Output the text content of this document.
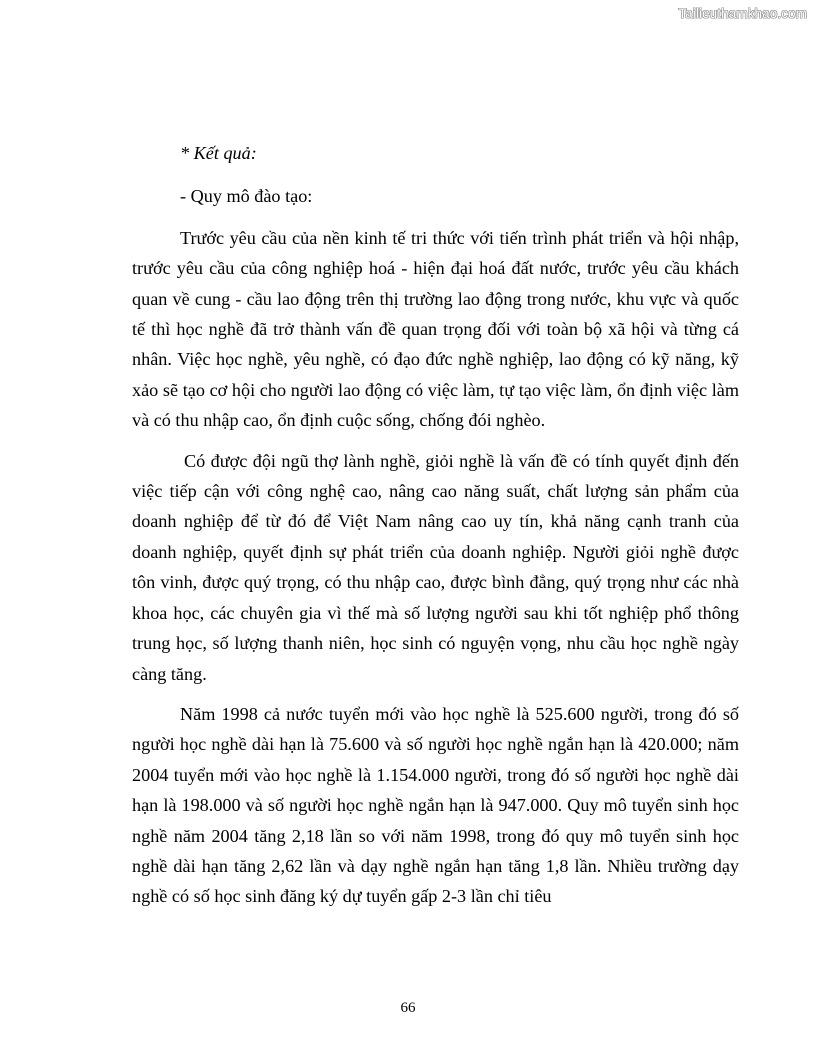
Tailieuthamkhao.com

* Kết quả:

- Quy mô đào tạo:

Trước yêu cầu của nền kinh tế tri thức với tiến trình phát triển và hội nhập, trước yêu cầu của công nghiệp hoá - hiện đại hoá đất nước, trước yêu cầu khách quan về cung - cầu lao động trên thị trường lao động trong nước, khu vực và quốc tế thì học nghề đã trở thành vấn đề quan trọng đối với toàn bộ xã hội và từng cá nhân. Việc học nghề, yêu nghề, có đạo đức nghề nghiệp, lao động có kỹ năng, kỹ xảo sẽ tạo cơ hội cho người lao động có việc làm, tự tạo việc làm, ổn định việc làm và có thu nhập cao, ổn định cuộc sống, chống đói nghèo.

Có được đội ngũ thợ lành nghề, giỏi nghề là vấn đề có tính quyết định đến việc tiếp cận với công nghệ cao, nâng cao năng suất, chất lượng sản phẩm của doanh nghiệp để từ đó để Việt Nam nâng cao uy tín, khả năng cạnh tranh của doanh nghiệp, quyết định sự phát triển của doanh nghiệp. Người giỏi nghề được tôn vinh, được quý trọng, có thu nhập cao, được bình đẳng, quý trọng như các nhà khoa học, các chuyên gia vì thế mà số lượng người sau khi tốt nghiệp phổ thông trung học, số lượng thanh niên, học sinh có nguyện vọng, nhu cầu học nghề ngày càng tăng.

Năm 1998 cả nước tuyển mới vào học nghề là 525.600 người, trong đó số người học nghề dài hạn là 75.600 và số người học nghề ngắn hạn là 420.000; năm 2004 tuyển mới vào học nghề là 1.154.000 người, trong đó số người học nghề dài hạn là 198.000 và số người học nghề ngắn hạn là 947.000. Quy mô tuyển sinh học nghề năm 2004 tăng 2,18 lần so với năm 1998, trong đó quy mô tuyển sinh học nghề dài hạn tăng 2,62 lần và dạy nghề ngắn hạn tăng 1,8 lần. Nhiều trường dạy nghề có số học sinh đăng ký dự tuyển gấp 2-3 lần chỉ tiêu

66
